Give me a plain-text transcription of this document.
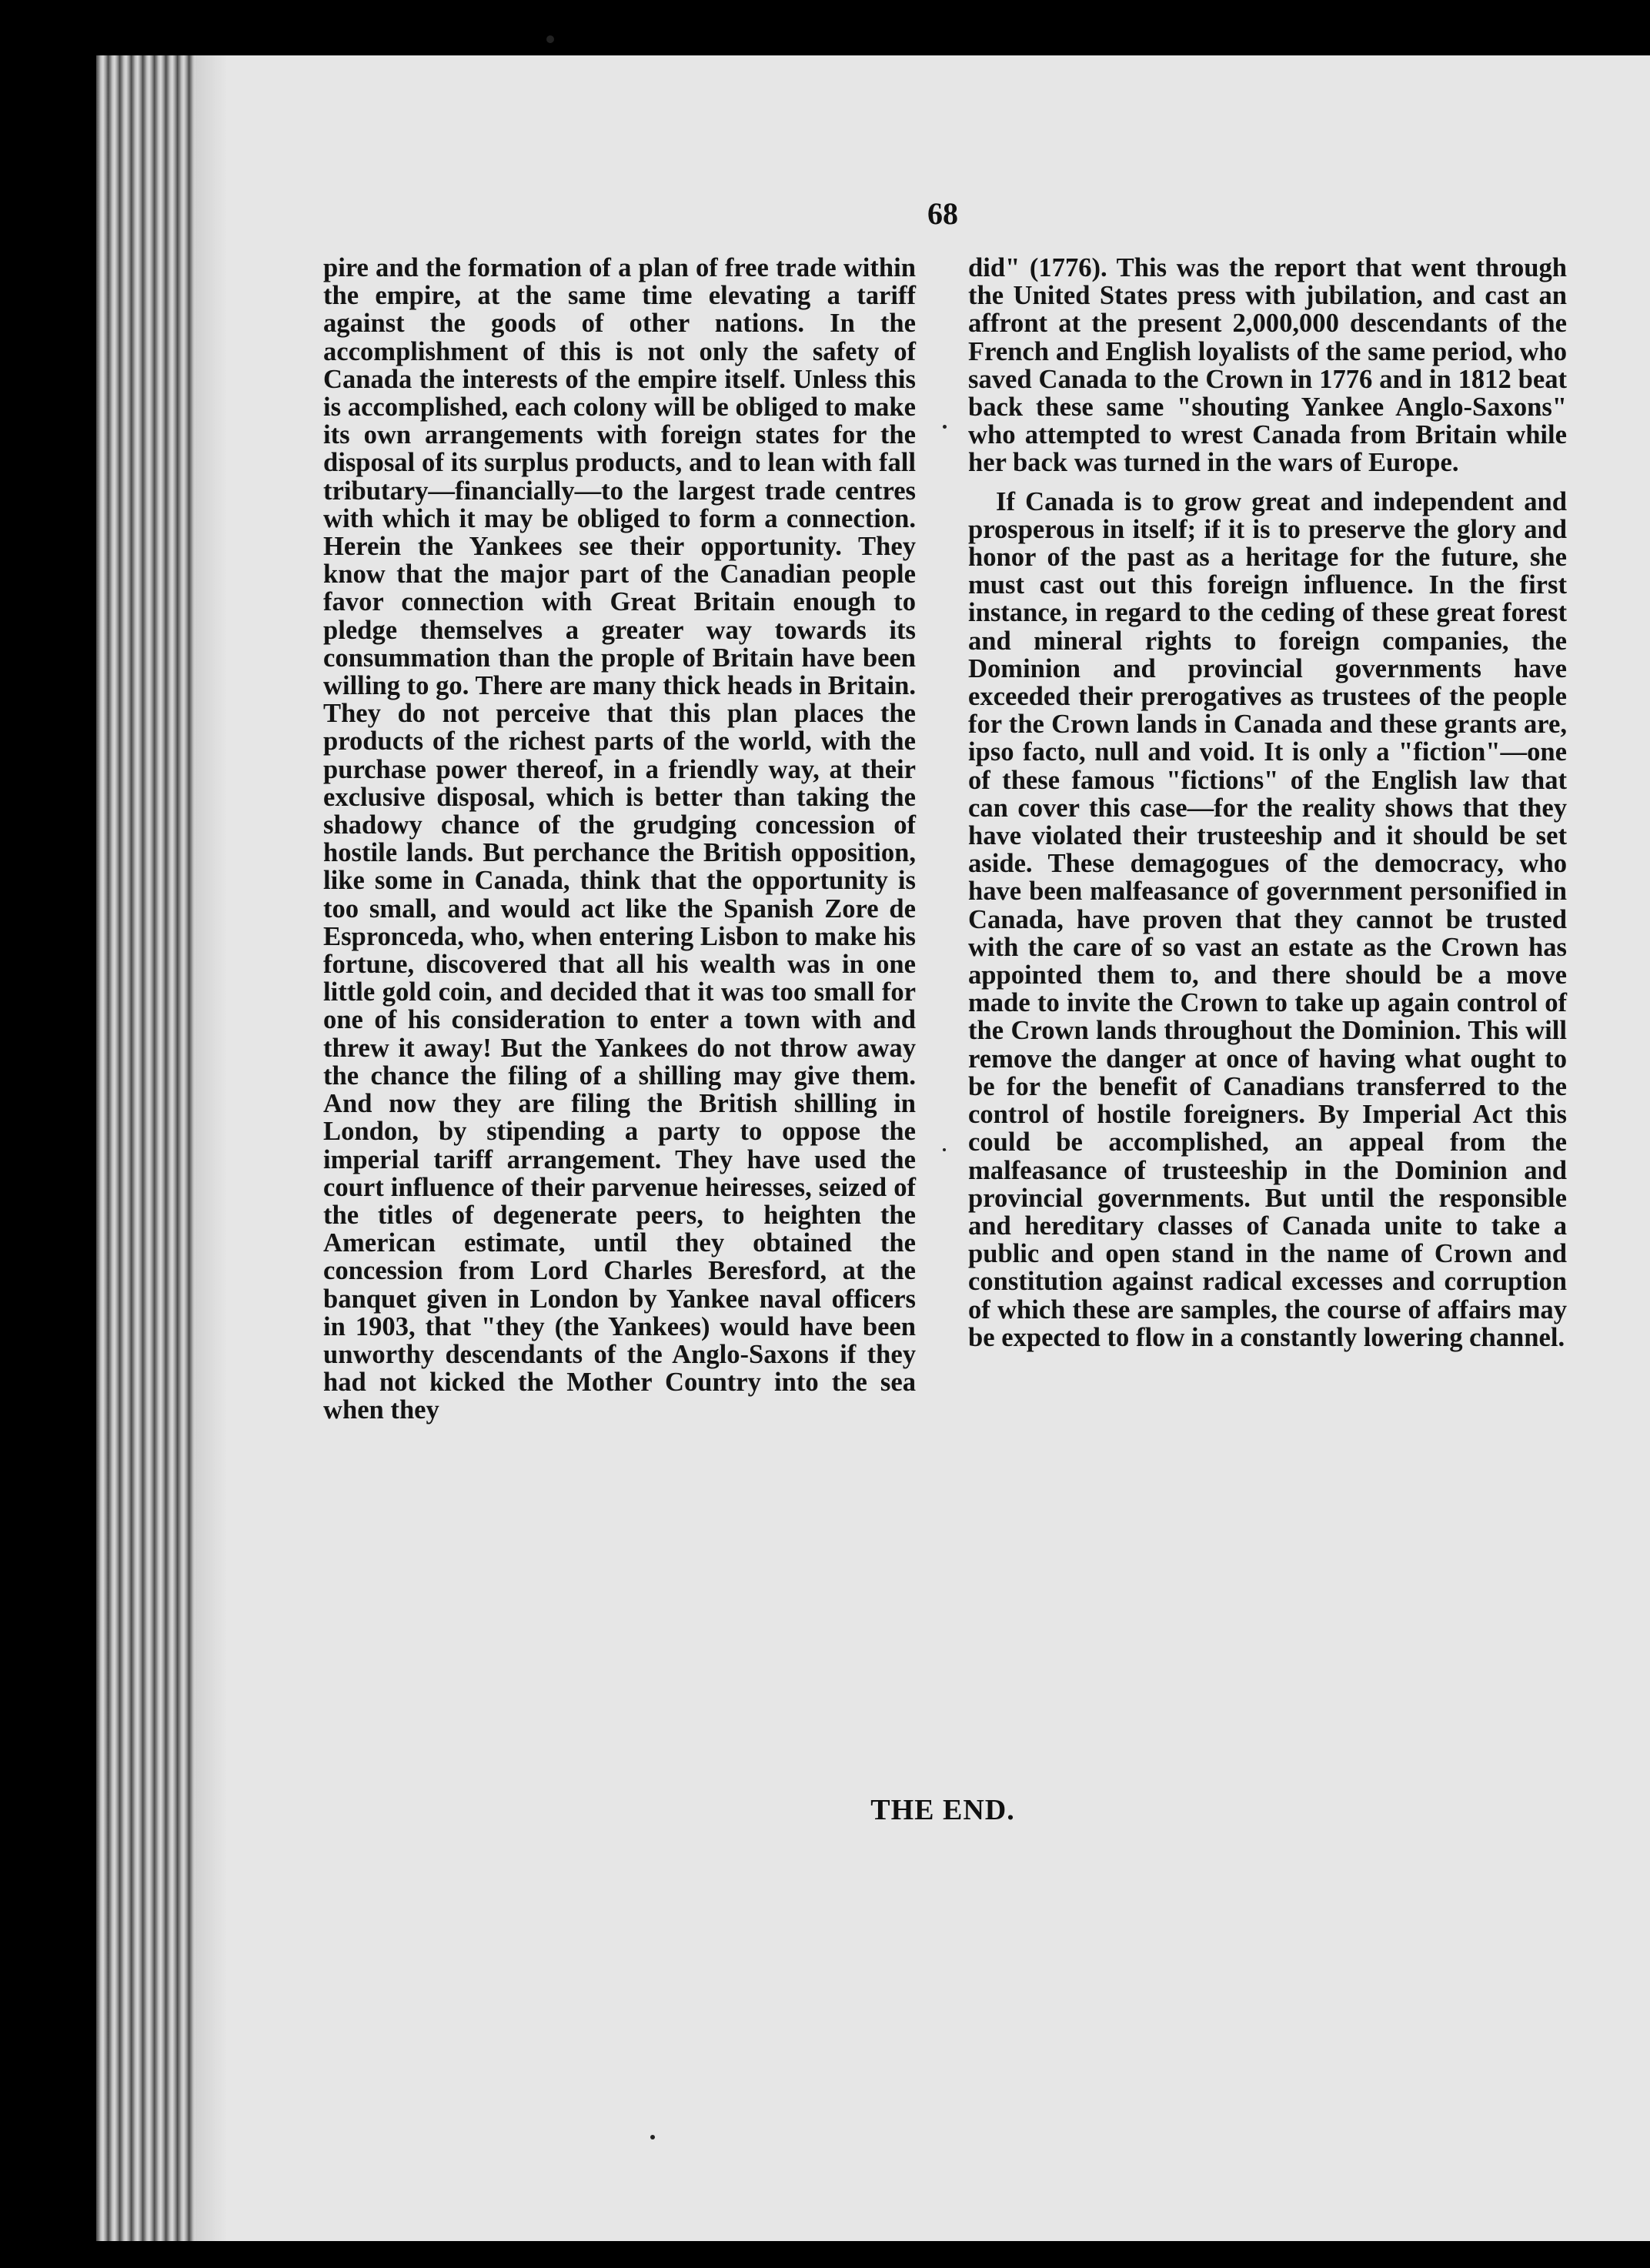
68

pire and the formation of a plan of free trade within the empire, at the same time elevating a tariff against the goods of other nations. In the accomplishment of this is not only the safety of Canada the interests of the empire itself. Unless this is accomplished, each colony will be obliged to make its own arrangements with foreign states for the disposal of its surplus products, and to lean with fall tributary—financially—to the largest trade centres with which it may be obliged to form a connection. Herein the Yankees see their opportunity. They know that the major part of the Canadian people favor connection with Great Britain enough to pledge themselves a greater way towards its consummation than the prople of Britain have been willing to go. There are many thick heads in Britain. They do not perceive that this plan places the products of the richest parts of the world, with the purchase power thereof, in a friendly way, at their exclusive disposal, which is better than taking the shadowy chance of the grudging concession of hostile lands. But perchance the British opposition, like some in Canada, think that the opportunity is too small, and would act like the Spanish Zore de Espronceda, who, when entering Lisbon to make his fortune, discovered that all his wealth was in one little gold coin, and decided that it was too small for one of his consideration to enter a town with and threw it away! But the Yankees do not throw away the chance the filing of a shilling may give them. And now they are filing the British shilling in London, by stipending a party to oppose the imperial tariff arrangement. They have used the court influence of their parvenue heiresses, seized of the titles of degenerate peers, to heighten the American estimate, until they obtained the concession from Lord Charles Beresford, at the banquet given in London by Yankee naval officers in 1903, that "they (the Yankees) would have been unworthy descendants of the Anglo-Saxons if they had not kicked the Mother Country into the sea when they

did" (1776). This was the report that went through the United States press with jubilation, and cast an affront at the present 2,000,000 descendants of the French and English loyalists of the same period, who saved Canada to the Crown in 1776 and in 1812 beat back these same "shouting Yankee Anglo-Saxons" who attempted to wrest Canada from Britain while her back was turned in the wars of Europe.

If Canada is to grow great and independent and prosperous in itself; if it is to preserve the glory and honor of the past as a heritage for the future, she must cast out this foreign influence. In the first instance, in regard to the ceding of these great forest and mineral rights to foreign companies, the Dominion and provincial governments have exceeded their prerogatives as trustees of the people for the Crown lands in Canada and these grants are, ipso facto, null and void. It is only a "fiction"—one of these famous "fictions" of the English law that can cover this case—for the reality shows that they have violated their trusteeship and it should be set aside. These demagogues of the democracy, who have been malfeasance of government personified in Canada, have proven that they cannot be trusted with the care of so vast an estate as the Crown has appointed them to, and there should be a move made to invite the Crown to take up again control of the Crown lands throughout the Dominion. This will remove the danger at once of having what ought to be for the benefit of Canadians transferred to the control of hostile foreigners. By Imperial Act this could be accomplished, an appeal from the malfeasance of trusteeship in the Dominion and provincial governments. But until the responsible and hereditary classes of Canada unite to take a public and open stand in the name of Crown and constitution against radical excesses and corruption of which these are samples, the course of affairs may be expected to flow in a constantly lowering channel.

THE END.
